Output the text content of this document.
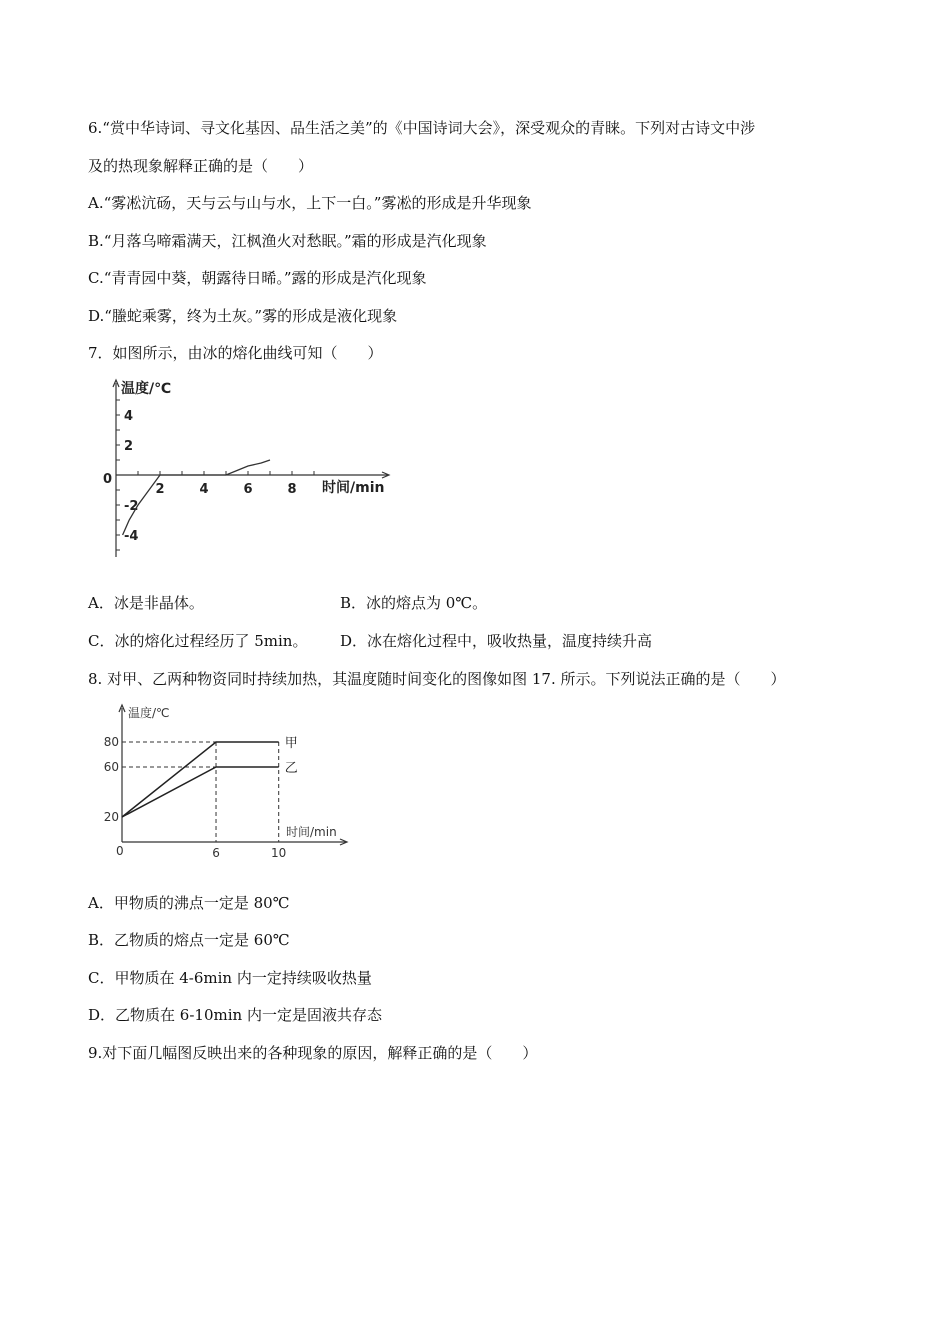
6.“赏中华诗词、寻文化基因、品生活之美”的《中国诗词大会》，深受观众的青睐。下列对古诗文中涉
及的热现象解释正确的是（　　）
A.“雾凇沆砀，天与云与山与水，上下一白。”雾凇的形成是升华现象
B.“月落乌啼霜满天，江枫渔火对愁眠。”霜的形成是汽化现象
C.“青青园中葵，朝露待日晞。”露的形成是汽化现象
D.“螣蛇乘雾，终为土灰。”雾的形成是液化现象
7．如图所示，由冰的熔化曲线可知（　　）
温度/℃
时间/min
0
2	4	6	8
4
2
-2
-4
A．冰是非晶体。	B．冰的熔点为 0℃。
C．冰的熔化过程经历了 5min。 D．冰在熔化过程中，吸收热量，温度持续升高
8. 对甲、乙两种物资同时持续加热，其温度随时间变化的图像如图 17. 所示。下列说法正确的是（　　）
温度/℃
时间/min
0	6	10
80
60
20
甲
乙
A．甲物质的沸点一定是 80℃
B．乙物质的熔点一定是 60℃
C．甲物质在 4-6min 内一定持续吸收热量
D．乙物质在 6-10min 内一定是固液共存态
9.对下面几幅图反映出来的各种现象的原因，解释正确的是（　　）
